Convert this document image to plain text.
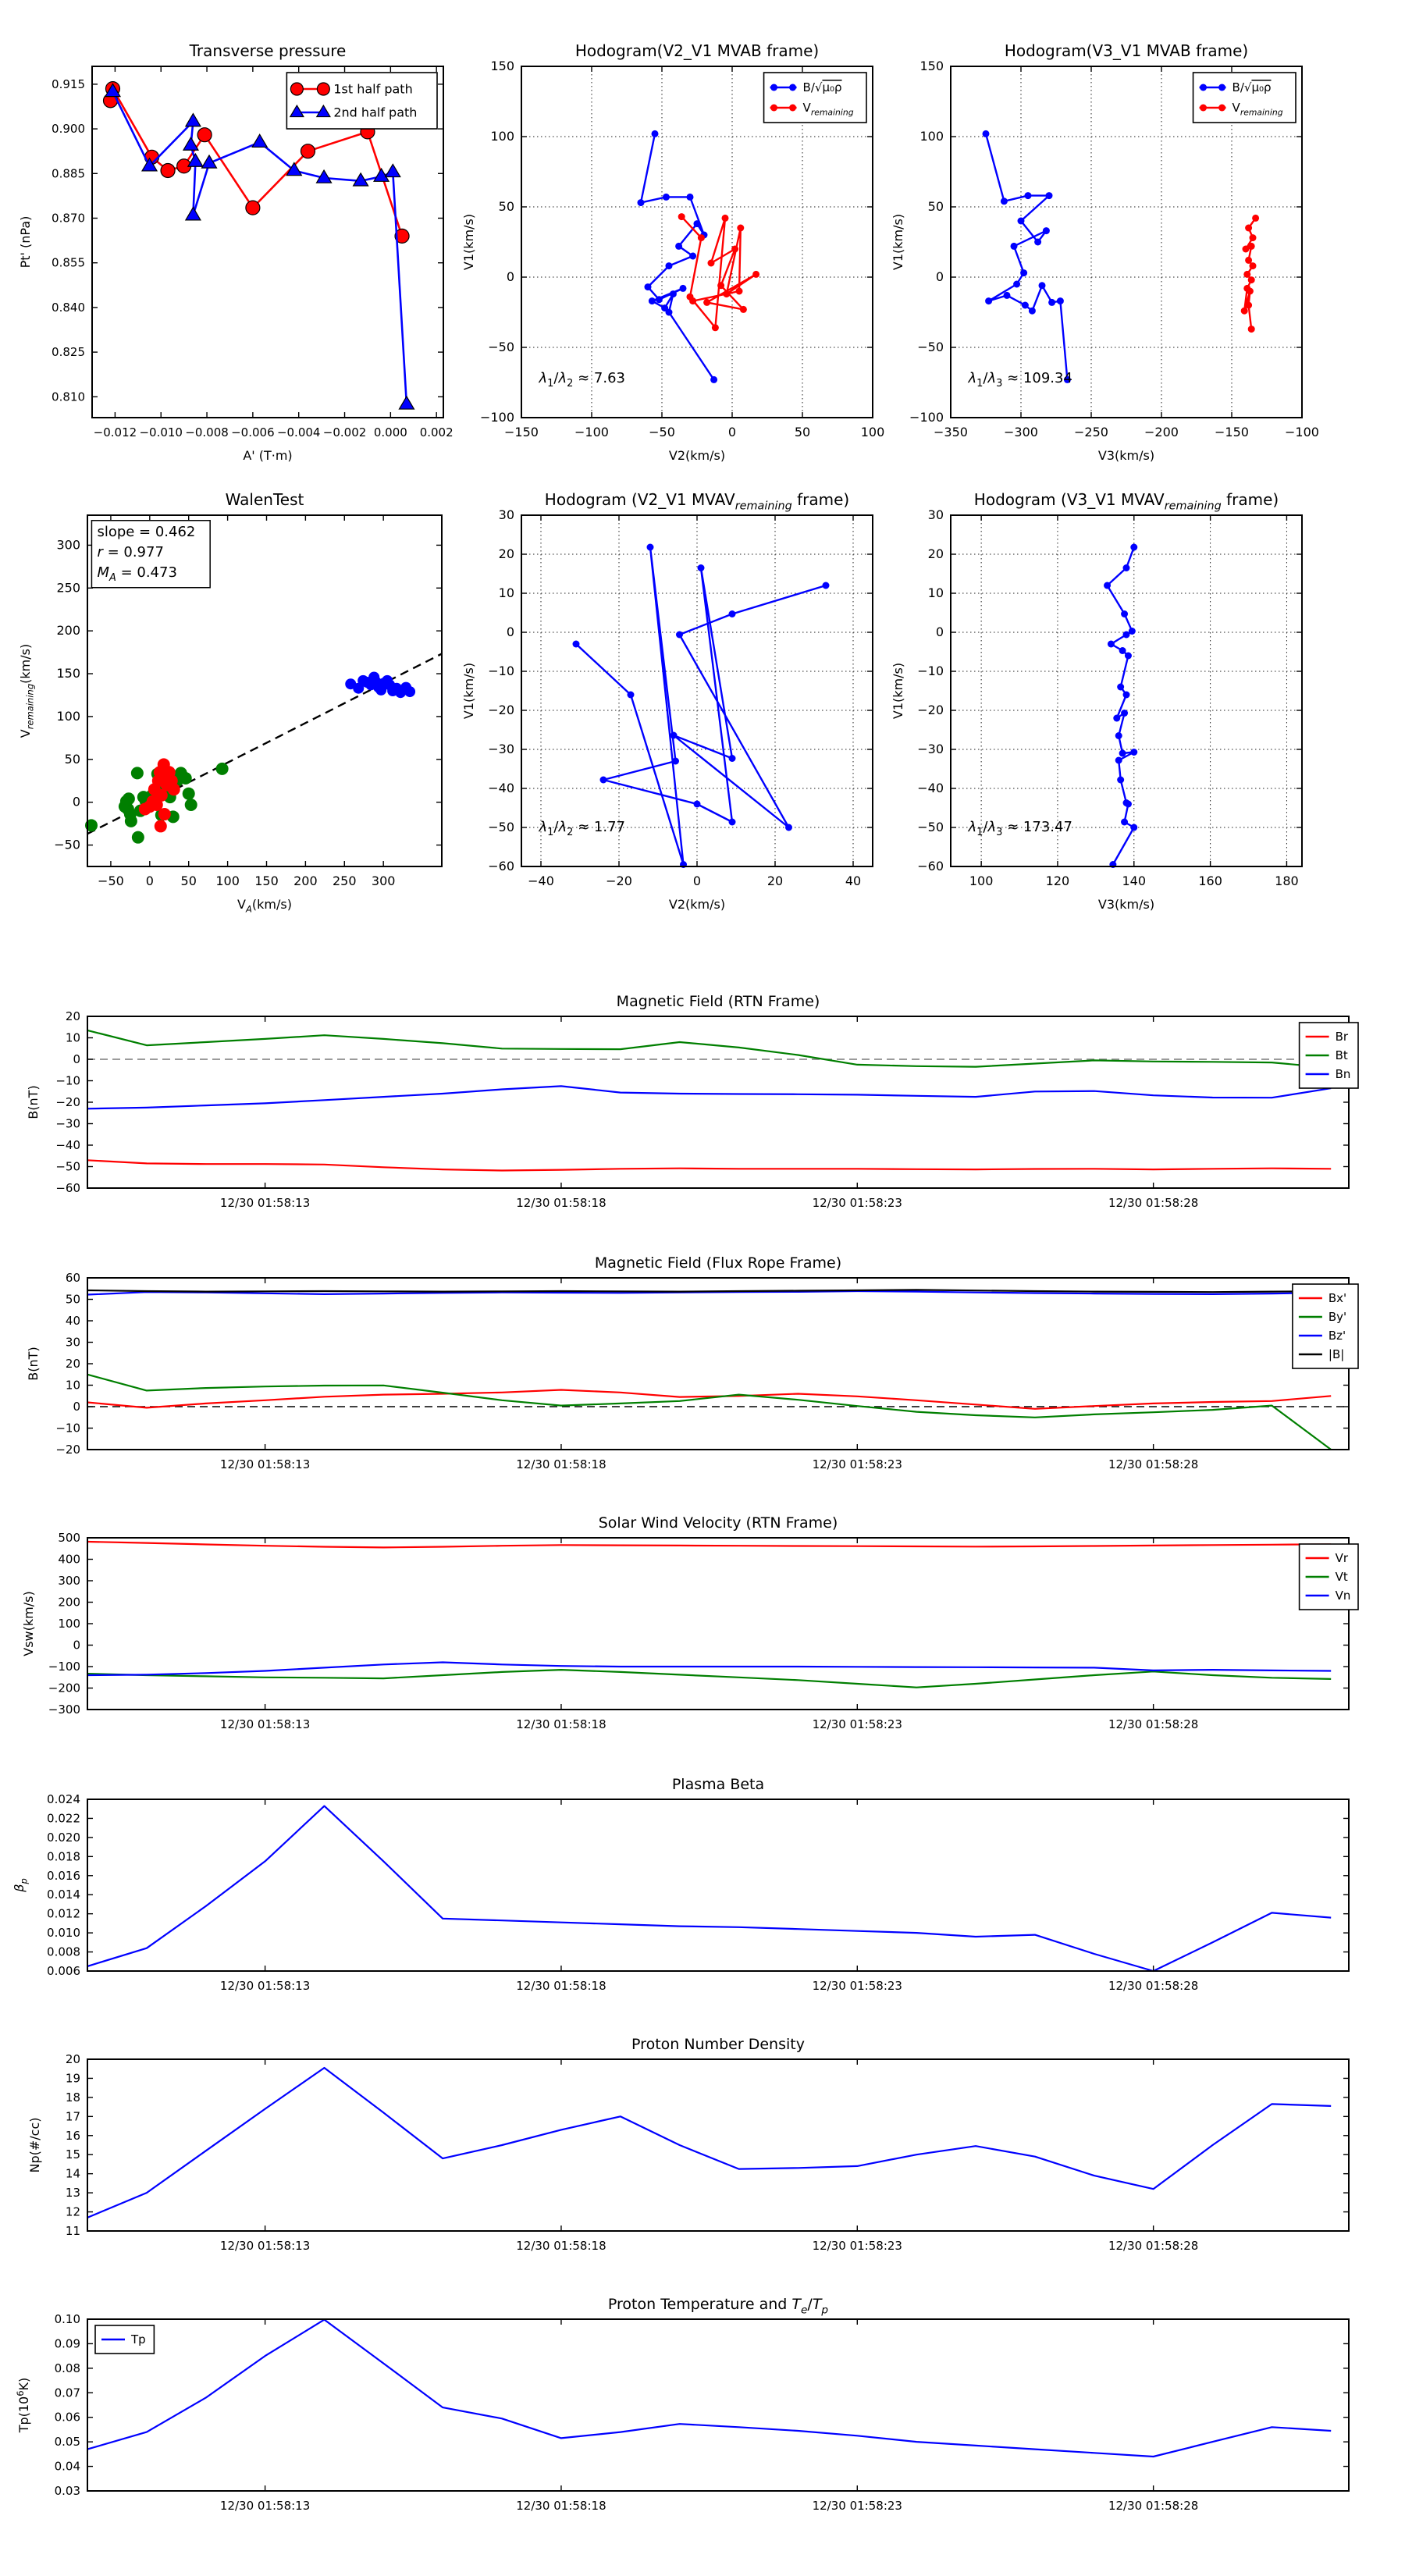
−0.012 −0.010 −0.008 −0.006 −0.004 −0.002 0.000 0.002
0.810
0.825
0.840
0.855
0.870
0.885
0.900
0.915
Transverse pressure
A' (T·m)
Pt' (nPa)
1st half path
2nd half path
−150	−100	−50	0	50	100
−100
−50
0
50
100
150
Hodogram(V2_V1 MVAB frame)
V2(km/s)
V1(km/s)
$\lambda_1/\lambda_2 \approx 7.63$
B/√μ₀ρ
$V_{remaining}$
−350	−300	−250	−200	−150	−100
−100
−50
0
50
100
150
Hodogram(V3_V1 MVAB frame)
V3(km/s)
V1(km/s)
$\lambda_1/\lambda_3 \approx 109.34$
B/√μ₀ρ
$V_{remaining}$
−50 0 50 100 150 200 250 300
−50
0
50
100
150
200
250
300
WalenTest
$V_A(km/s)$
$V_{remaining}(km/s)$
slope = 0.462
r = 0.977
$M_A = 0.473$
−40	−20	0	20	40
−60
−50
−40
−30
−20
−10
0
10
20
30
Hodogram (V2_V1 $MVAV_{remaining}$ frame)
V2(km/s)
V1(km/s)
$\lambda_1/\lambda_2 \approx 1.77$
100	120	140	160	180
−60
−50
−40
−30
−20
−10
0
10
20
30
Hodogram (V3_V1 $MVAV_{remaining}$ frame)
V3(km/s)
V1(km/s)
$\lambda_1/\lambda_3 \approx 173.47$
12/30 01:58:13	12/30 01:58:18	12/30 01:58:23	12/30 01:58:28
−60
−50
−40
−30
−20
−10
0
10
20
Magnetic Field (RTN Frame)
B(nT)
Br
Bt
Bn
12/30 01:58:13	12/30 01:58:18	12/30 01:58:23	12/30 01:58:28
−20
−10
0
10
20
30
40
50
60
Magnetic Field (Flux Rope Frame)
B(nT)
Bx'
By'
Bz'
|B|
12/30 01:58:13	12/30 01:58:18	12/30 01:58:23	12/30 01:58:28
−300
−200
−100
0
100
200
300
400
500
Solar Wind Velocity (RTN Frame)
Vsw(km/s)
Vr
Vt
Vn
12/30 01:58:13	12/30 01:58:18	12/30 01:58:23	12/30 01:58:28
0.006
0.008
0.010
0.012
0.014
0.016
0.018
0.020
0.022
0.024
Plasma Beta
$\beta_p$
12/30 01:58:13	12/30 01:58:18	12/30 01:58:23	12/30 01:58:28
11
12
13
14
15
16
17
18
19
20
Proton Number Density
Np(#/cc)
12/30 01:58:13	12/30 01:58:18	12/30 01:58:23	12/30 01:58:28
0.03
0.04
0.05
0.06
0.07
0.08
0.09
0.10
Proton Temperature and $T_e/T_p$
$Tp(10^6K)$
Tp
